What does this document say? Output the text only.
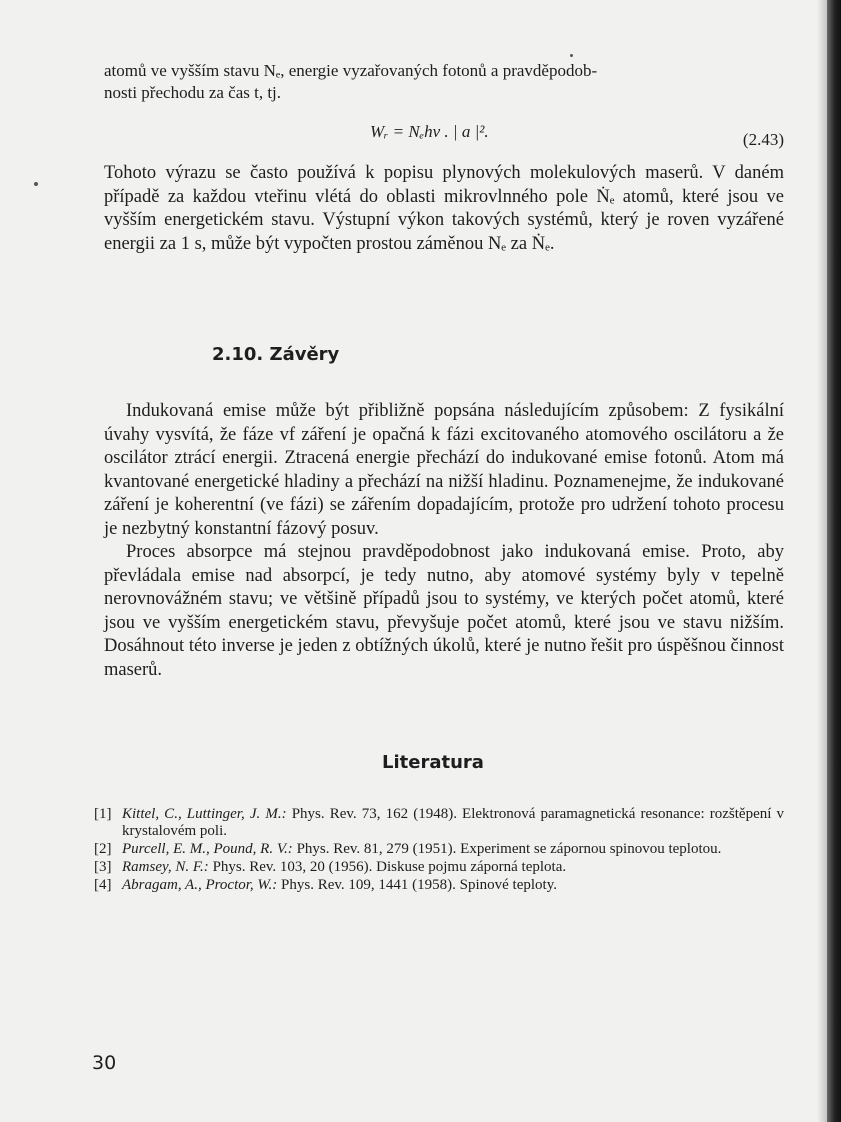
atomů ve vyšším stavu Nₑ, energie vyzařovaných fotonů a pravděpodob-

nosti přechodu za čas t, tj.

Wᵣ = Nₑhν . | a |².	(2.43)

Tohoto výrazu se často používá k popisu plynových molekulových maserů. V daném případě za každou vteřinu vlétá do oblasti mikrovlnného pole Ṅₑ atomů, které jsou ve vyšším energetickém stavu. Výstupní výkon takových systémů, který je roven vyzářené energii za 1 s, může být vypočten prostou záměnou Nₑ za Ṅₑ.

2.10. Závěry

Indukovaná emise může být přibližně popsána následujícím způsobem: Z fysikální úvahy vysvítá, že fáze vf záření je opačná k fázi excitovaného atomového oscilátoru a že oscilátor ztrácí energii. Ztracená energie přechází do indukované emise fotonů. Atom má kvantované energetické hladiny a přechází na nižší hladinu. Poznamenejme, že indukované záření je koherentní (ve fázi) se zářením dopadajícím, protože pro udržení tohoto procesu je nezbytný konstantní fázový posuv.

Proces absorpce má stejnou pravděpodobnost jako indukovaná emise. Proto, aby převládala emise nad absorpcí, je tedy nutno, aby atomové systémy byly v tepelně nerovnovážném stavu; ve většině případů jsou to systémy, ve kterých počet atomů, které jsou ve vyšším energetickém stavu, převyšuje počet atomů, které jsou ve stavu nižším. Dosáhnout této inverse je jeden z obtížných úkolů, které je nutno řešit pro úspěšnou činnost maserů.

Literatura
[1] Kittel, C., Luttinger, J. M.: Phys. Rev. 73, 162 (1948). Elektronová paramagnetická resonance: rozštěpení v krystalovém poli.
[2] Purcell, E. M., Pound, R. V.: Phys. Rev. 81, 279 (1951). Experiment se zápornou spinovou teplotou.
[3] Ramsey, N. F.: Phys. Rev. 103, 20 (1956). Diskuse pojmu záporná teplota.
[4] Abragam, A., Proctor, W.: Phys. Rev. 109, 1441 (1958). Spinové teploty.
30
